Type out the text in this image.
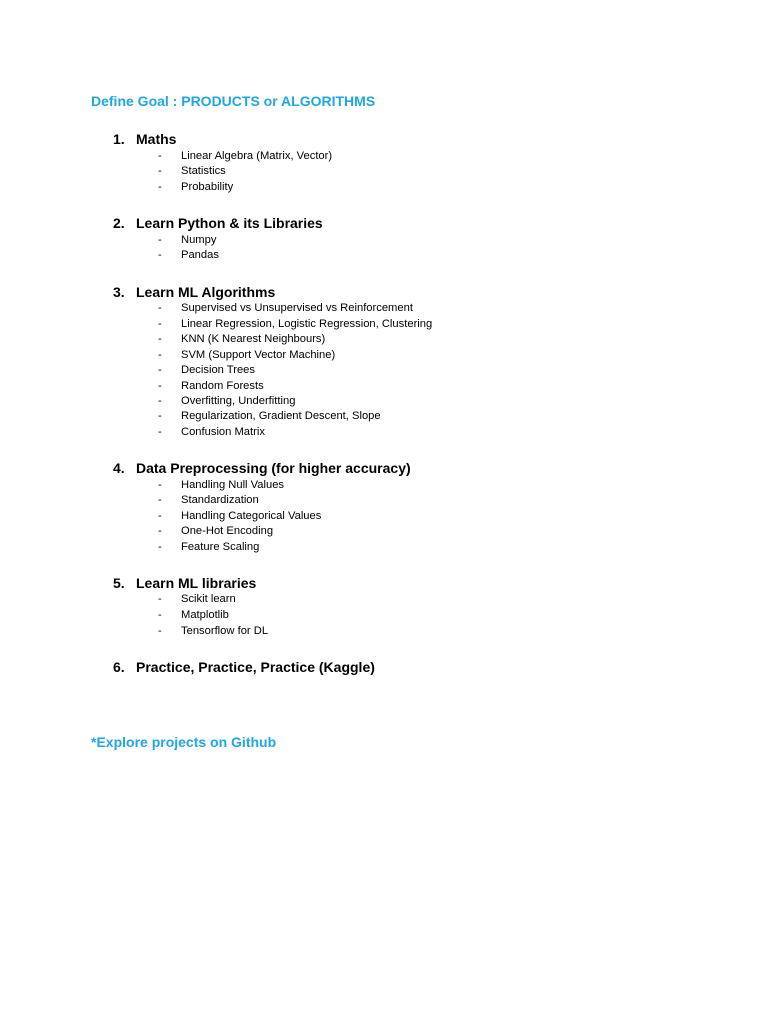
Define Goal : PRODUCTS or ALGORITHMS
1. Maths
- Linear Algebra (Matrix, Vector)
- Statistics
- Probability
2. Learn Python & its Libraries
- Numpy
- Pandas
3. Learn ML Algorithms
- Supervised vs Unsupervised vs Reinforcement
- Linear Regression, Logistic Regression, Clustering
- KNN (K Nearest Neighbours)
- SVM (Support Vector Machine)
- Decision Trees
- Random Forests
- Overfitting, Underfitting
- Regularization, Gradient Descent, Slope
- Confusion Matrix
4. Data Preprocessing (for higher accuracy)
- Handling Null Values
- Standardization
- Handling Categorical Values
- One-Hot Encoding
- Feature Scaling
5. Learn ML libraries
- Scikit learn
- Matplotlib
- Tensorflow for DL
6. Practice, Practice, Practice (Kaggle)
*Explore projects on Github
